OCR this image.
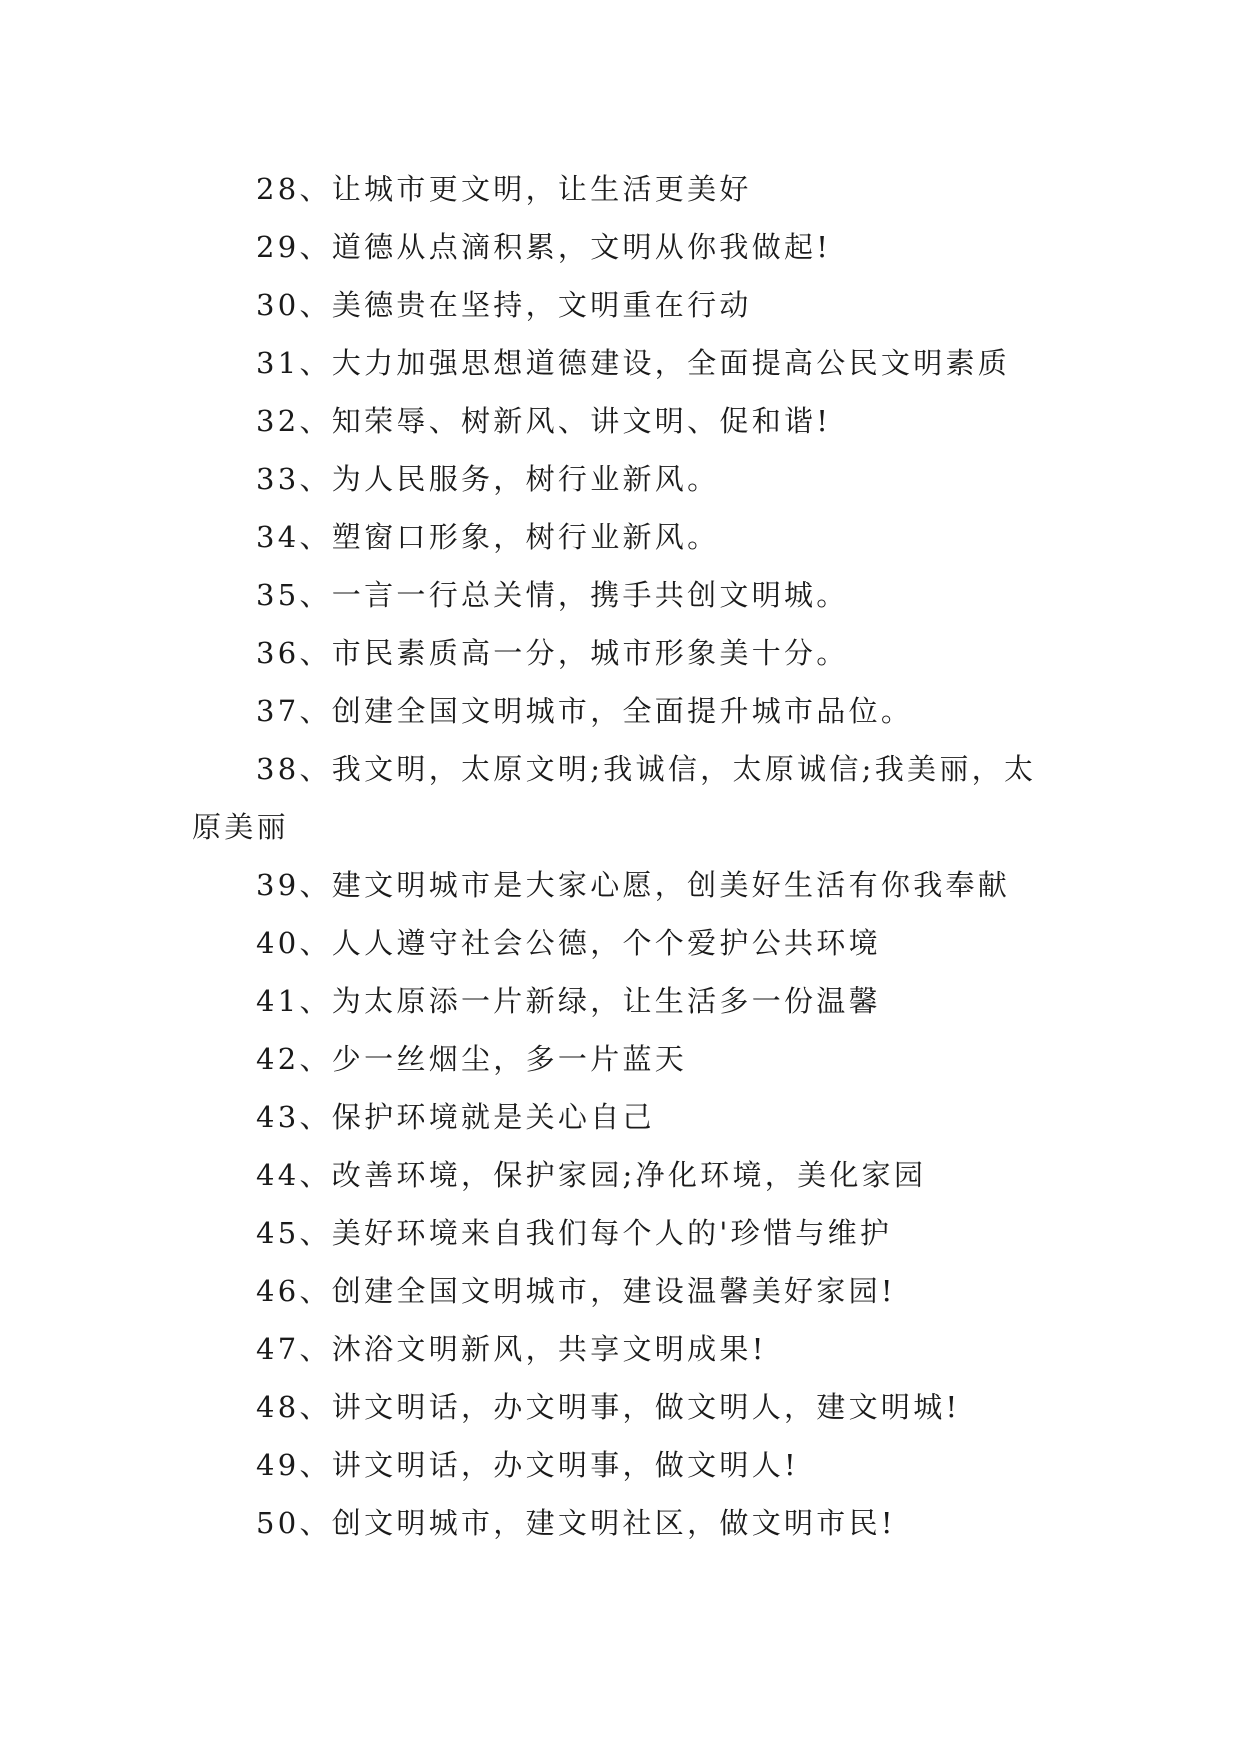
28、让城市更文明，让生活更美好

29、道德从点滴积累，文明从你我做起!

30、美德贵在坚持，文明重在行动

31、大力加强思想道德建设，全面提高公民文明素质

32、知荣辱、树新风、讲文明、促和谐!

33、为人民服务，树行业新风。

34、塑窗口形象，树行业新风。

35、一言一行总关情，携手共创文明城。

36、市民素质高一分，城市形象美十分。

37、创建全国文明城市，全面提升城市品位。

38、我文明，太原文明;我诚信，太原诚信;我美丽，太原美丽

39、建文明城市是大家心愿，创美好生活有你我奉献

40、人人遵守社会公德，个个爱护公共环境

41、为太原添一片新绿，让生活多一份温馨

42、少一丝烟尘，多一片蓝天

43、保护环境就是关心自己

44、改善环境，保护家园;净化环境，美化家园

45、美好环境来自我们每个人的'珍惜与维护

46、创建全国文明城市，建设温馨美好家园!

47、沐浴文明新风，共享文明成果!

48、讲文明话，办文明事，做文明人，建文明城!

49、讲文明话，办文明事，做文明人!

50、创文明城市，建文明社区，做文明市民!
